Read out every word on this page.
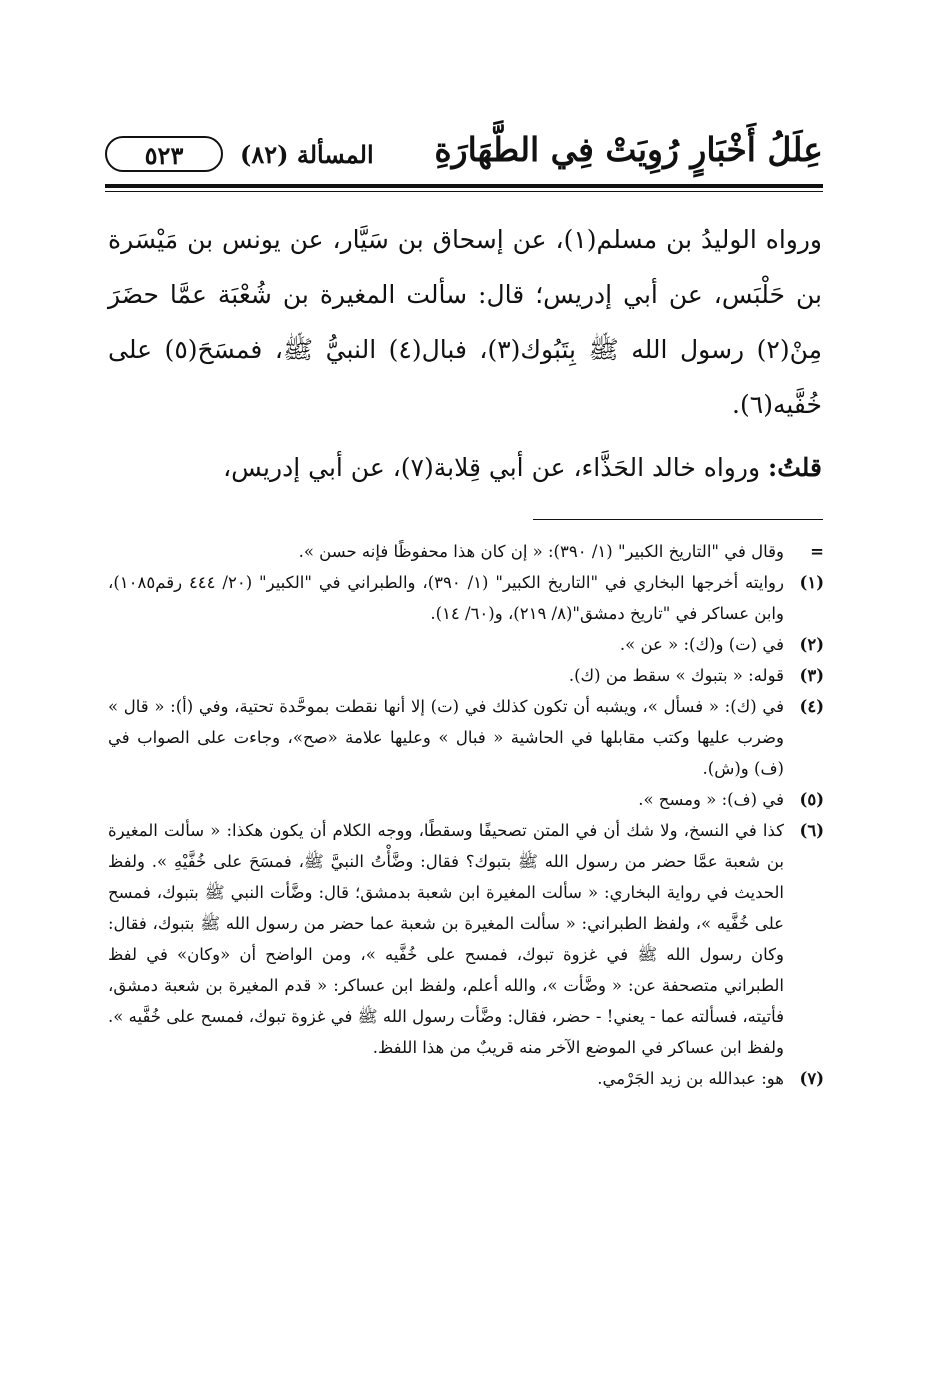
عِلَلُ أَخْبَارٍ رُوِيَتْ فِي الطَّهَارَةِ
المسألة (٨٢)
٥٢٣

ورواه الوليدُ بن مسلم(١)، عن إسحاق بن سَيَّار، عن يونس بن مَيْسَرة بن حَلْبَس، عن أبي إدريس؛ قال: سألت المغيرة بن شُعْبَة عمَّا حضَرَ مِنْ(٢) رسول الله ﷺ بِتَبُوك(٣)، فبال(٤) النبيُّ ﷺ، فمسَحَ(٥) على خُفَّيه(٦).

قلتُ: ورواه خالد الحَذَّاء، عن أبي قِلابة(٧)، عن أبي إدريس،

=
وقال في "التاريخ الكبير" (١/ ٣٩٠): « إن كان هذا محفوظًا فإنه حسن ».
(١)
روايته أخرجها البخاري في "التاريخ الكبير" (١/ ٣٩٠)، والطبراني في "الكبير" (٢٠/ ٤٤٤ رقم١٠٨٥)، وابن عساكر في "تاريخ دمشق"(٨/ ٢١٩)، و(٦٠/ ١٤).
(٢)
في (ت) و(ك): « عن ».
(٣)
قوله: « بتبوك » سقط من (ك).
(٤)
في (ك): « فسأل »، ويشبه أن تكون كذلك في (ت) إلا أنها نقطت بموحَّدة تحتية، وفي (أ): « قال » وضرب عليها وكتب مقابلها في الحاشية « فبال » وعليها علامة «صح»، وجاءت على الصواب في (ف) و(ش).
(٥)
في (ف): « ومسح ».
(٦)
كذا في النسخ، ولا شك أن في المتن تصحيفًا وسقطًا، ووجه الكلام أن يكون هكذا: « سألت المغيرة بن شعبة عمَّا حضر من رسول الله ﷺ بتبوك؟ فقال: وضَّأْتُ النبيَّ ﷺ، فمسَحَ على خُفَّيْهِ ». ولفظ الحديث في رواية البخاري: « سألت المغيرة ابن شعبة بدمشق؛ قال: وضَّأت النبي ﷺ بتبوك، فمسح على خُفَّيه »، ولفظ الطبراني: « سألت المغيرة بن شعبة عما حضر من رسول الله ﷺ بتبوك، فقال: وكان رسول الله ﷺ في غزوة تبوك، فمسح على خُفَّيه »، ومن الواضح أن «وكان» في لفظ الطبراني متصحفة عن: « وضَّأت »، والله أعلم، ولفظ ابن عساكر: « قدم المغيرة بن شعبة دمشق، فأتيته، فسألته عما - يعني! - حضر، فقال: وضَّأت رسول الله ﷺ في غزوة تبوك، فمسح على خُفَّيه ». ولفظ ابن عساكر في الموضع الآخر منه قريبٌ من هذا اللفظ.
(٧)
هو: عبدالله بن زيد الجَرْمي.
